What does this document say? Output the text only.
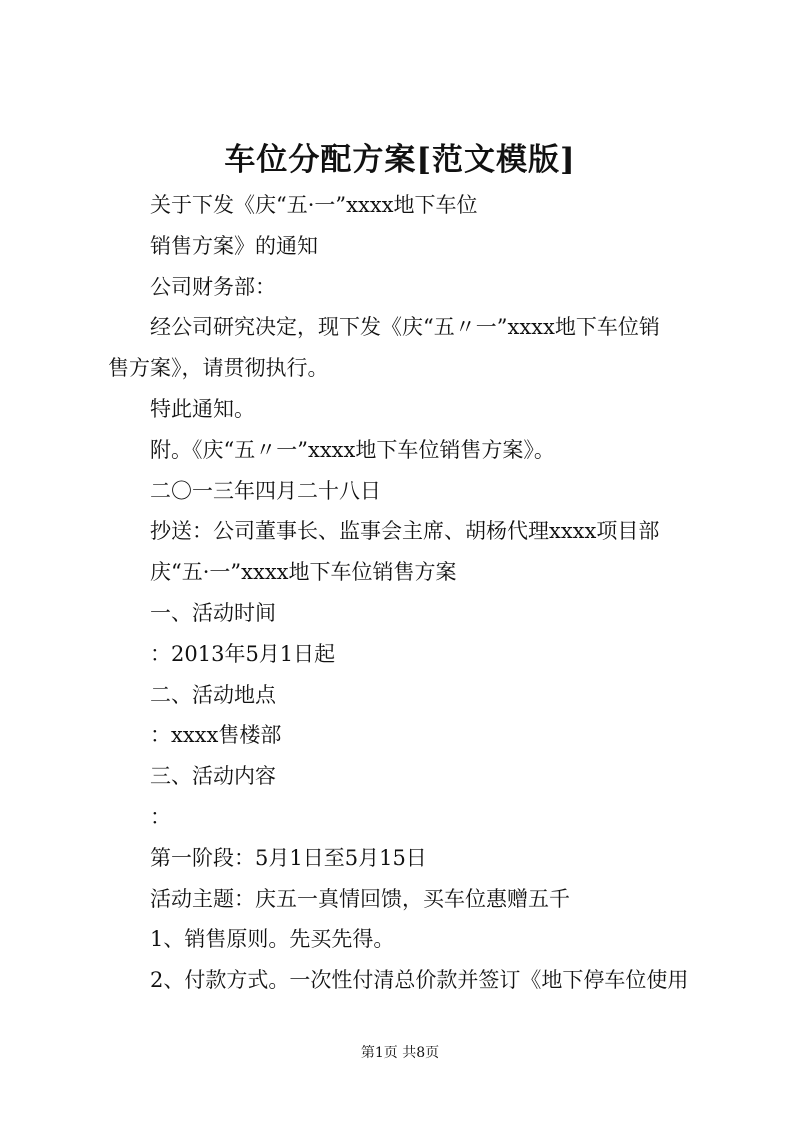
车位分配方案[范文模版]

关于下发《庆“五·一”xxxx地下车位

销售方案》的通知

公司财务部：

经公司研究决定，现下发《庆“五〃一”xxxx地下车位销

售方案》，请贯彻执行。

特此通知。

附。《庆“五〃一”xxxx地下车位销售方案》。

二〇一三年四月二十八日

抄送：公司董事长、监事会主席、胡杨代理xxxx项目部

庆“五·一”xxxx地下车位销售方案

一、活动时间

：2013年5月1日起

二、活动地点

：xxxx售楼部

三、活动内容

：

第一阶段：5月1日至5月15日

活动主题：庆五一真情回馈，买车位惠赠五千

1、销售原则。先买先得。

2、付款方式。一次性付清总价款并签订《地下停车位使用

第1页 共8页
